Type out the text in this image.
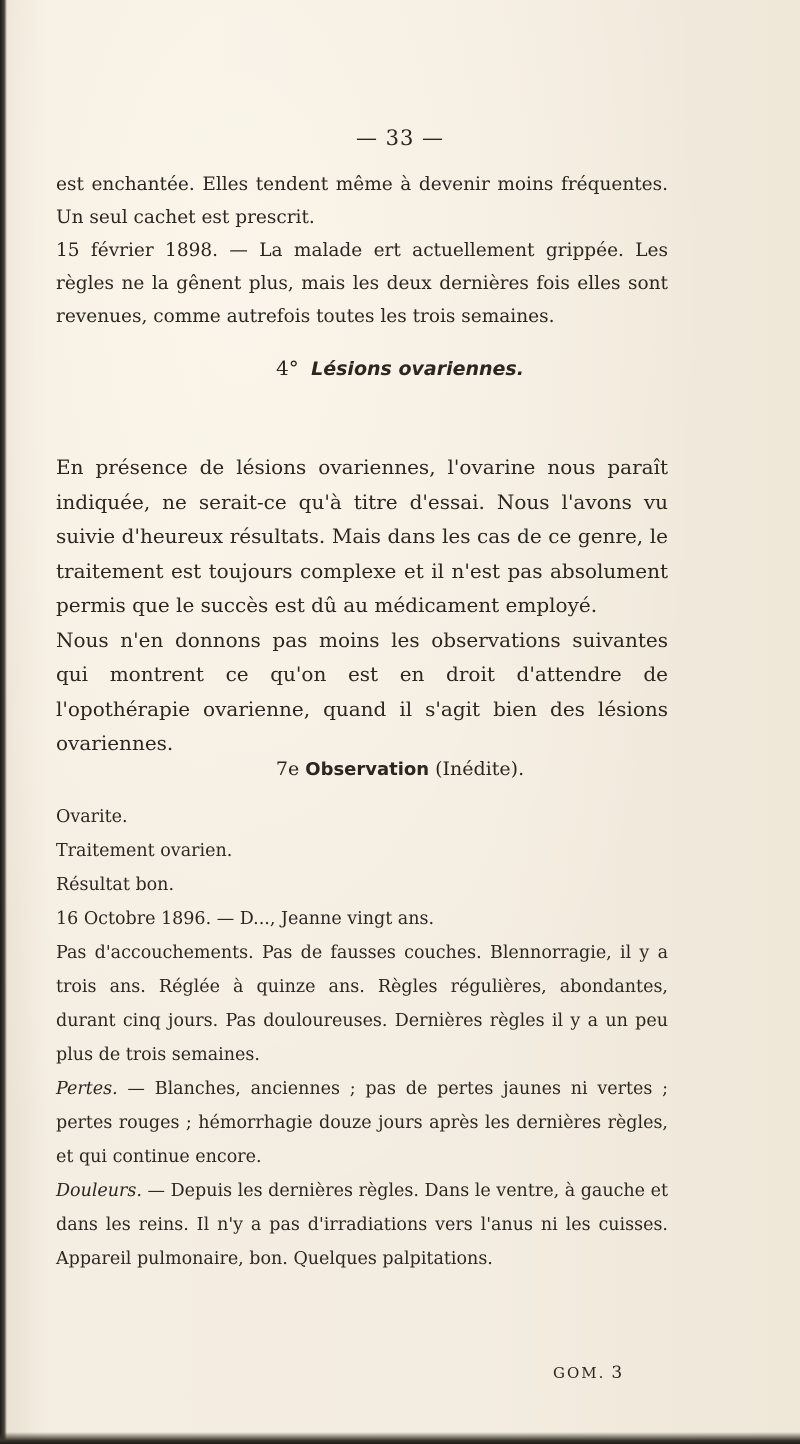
— 33 —

est enchantée. Elles tendent même à devenir moins fréquentes. Un seul cachet est prescrit.

15 février 1898. — La malade ert actuellement grippée. Les règles ne la gênent plus, mais les deux dernières fois elles sont revenues, comme autrefois toutes les trois semaines.

4° Lésions ovariennes.

En présence de lésions ovariennes, l'ovarine nous paraît indiquée, ne serait-ce qu'à titre d'essai. Nous l'avons vu suivie d'heureux résultats. Mais dans les cas de ce genre, le traitement est toujours complexe et il n'est pas absolument permis que le succès est dû au médicament employé.

Nous n'en donnons pas moins les observations suivantes qui montrent ce qu'on est en droit d'attendre de l'opothérapie ovarienne, quand il s'agit bien des lésions ovariennes.

7e Observation (Inédite).
Ovarite.
Traitement ovarien.
Résultat bon.
16 Octobre 1896. — D..., Jeanne vingt ans.

Pas d'accouchements. Pas de fausses couches. Blennorragie, il y a trois ans. Réglée à quinze ans. Règles régulières, abondantes, durant cinq jours. Pas douloureuses. Dernières règles il y a un peu plus de trois semaines.

Pertes. — Blanches, anciennes ; pas de pertes jaunes ni vertes ; pertes rouges ; hémorrhagie douze jours après les dernières règles, et qui continue encore.

Douleurs. — Depuis les dernières règles. Dans le ventre, à gauche et dans les reins. Il n'y a pas d'irradiations vers l'anus ni les cuisses. Appareil pulmonaire, bon. Quelques palpitations.

GOM. 3
